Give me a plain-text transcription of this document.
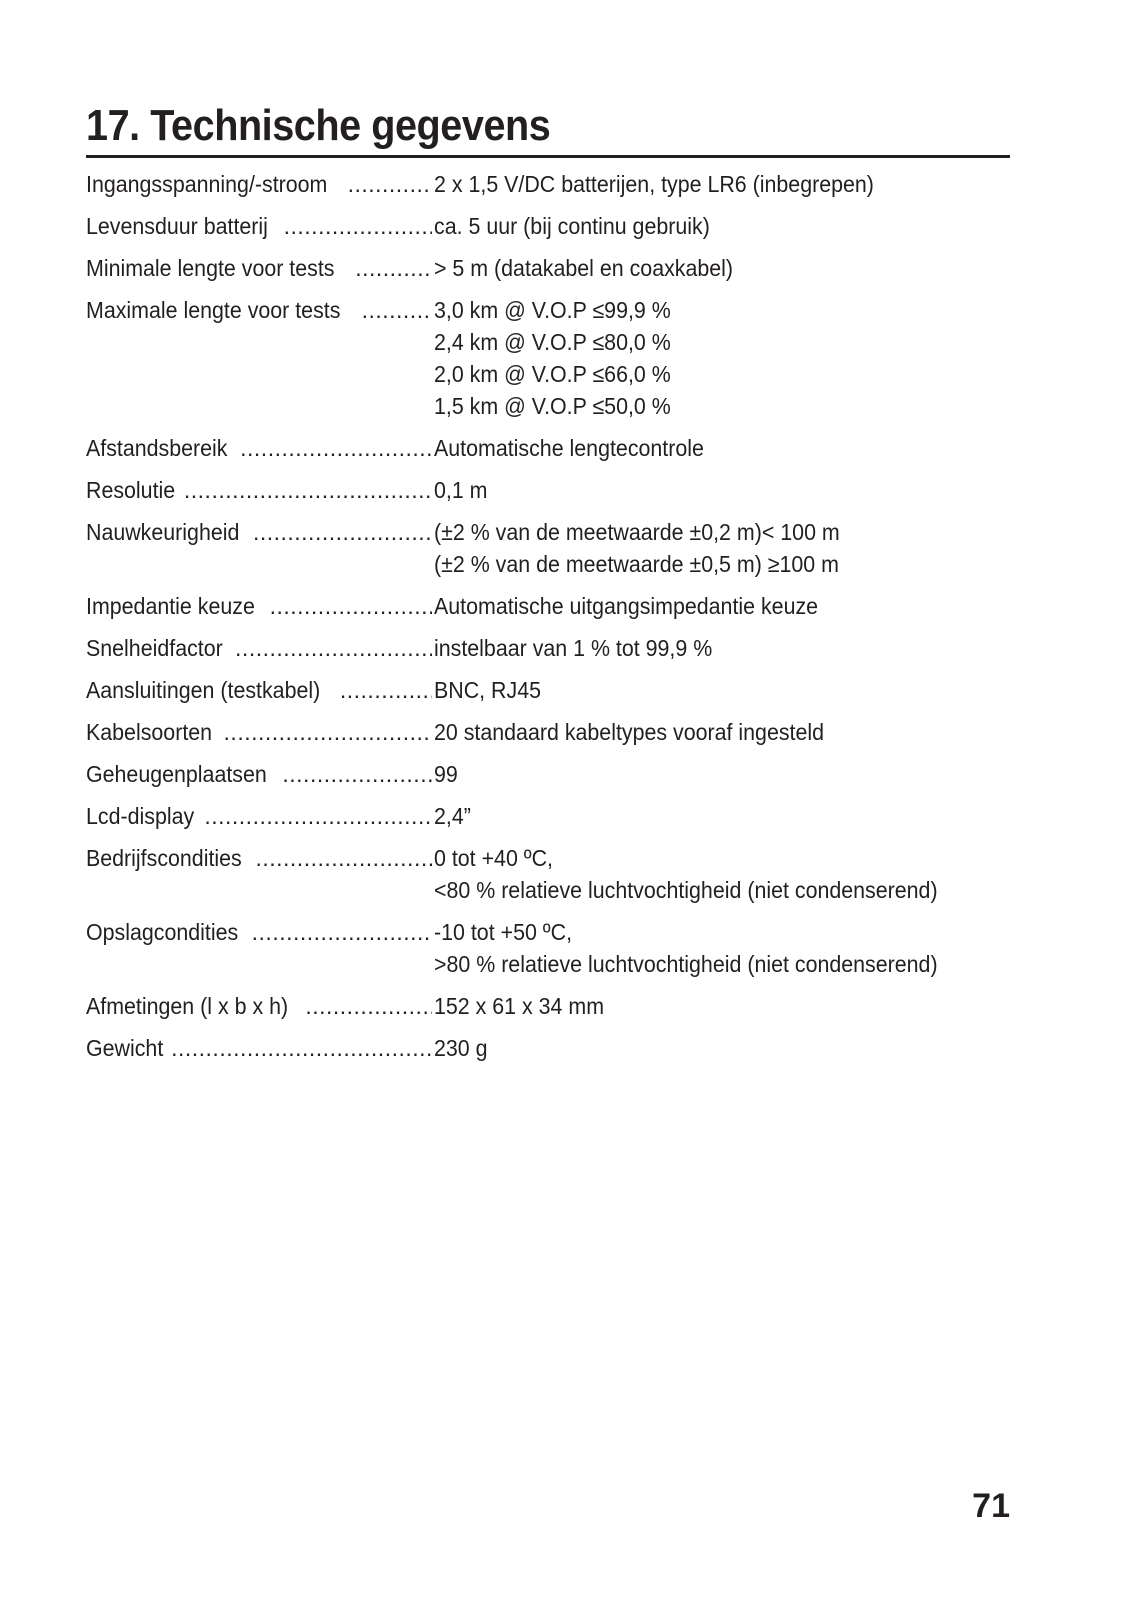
17. Technische gegevens
Ingangsspanning/-stroom .....	2 x 1,5 V/DC batterijen, type LR6 (inbegrepen)
Levensduur batterij .....	ca. 5 uur (bij continu gebruik)
Minimale lengte voor tests .....	> 5 m (datakabel en coaxkabel)
Maximale lengte voor tests .....	3,0 km @ V.O.P ≤99,9 %
2,4 km @ V.O.P ≤80,0 %
2,0 km @ V.O.P ≤66,0 %
1,5 km @ V.O.P ≤50,0 %
Afstandsbereik .....	Automatische lengtecontrole
Resolutie .....	0,1 m
Nauwkeurigheid .....	(±2 % van de meetwaarde ±0,2 m)< 100 m
(±2 % van de meetwaarde ±0,5 m) ≥100 m
Impedantie keuze .....	Automatische uitgangsimpedantie keuze
Snelheidfactor .....	instelbaar van 1 % tot 99,9 %
Aansluitingen (testkabel) .....	BNC, RJ45
Kabelsoorten .....	20 standaard kabeltypes vooraf ingesteld
Geheugenplaatsen .....	99
Lcd-display .....	2,4”
Bedrijfscondities .....	0 tot +40 ºC,
<80 % relatieve luchtvochtigheid (niet condenserend)
Opslagcondities .....	-10 tot +50 ºC,
>80 % relatieve luchtvochtigheid (niet condenserend)
Afmetingen (l x b x h) .....	152 x 61 x 34 mm
Gewicht .....	230 g
71
